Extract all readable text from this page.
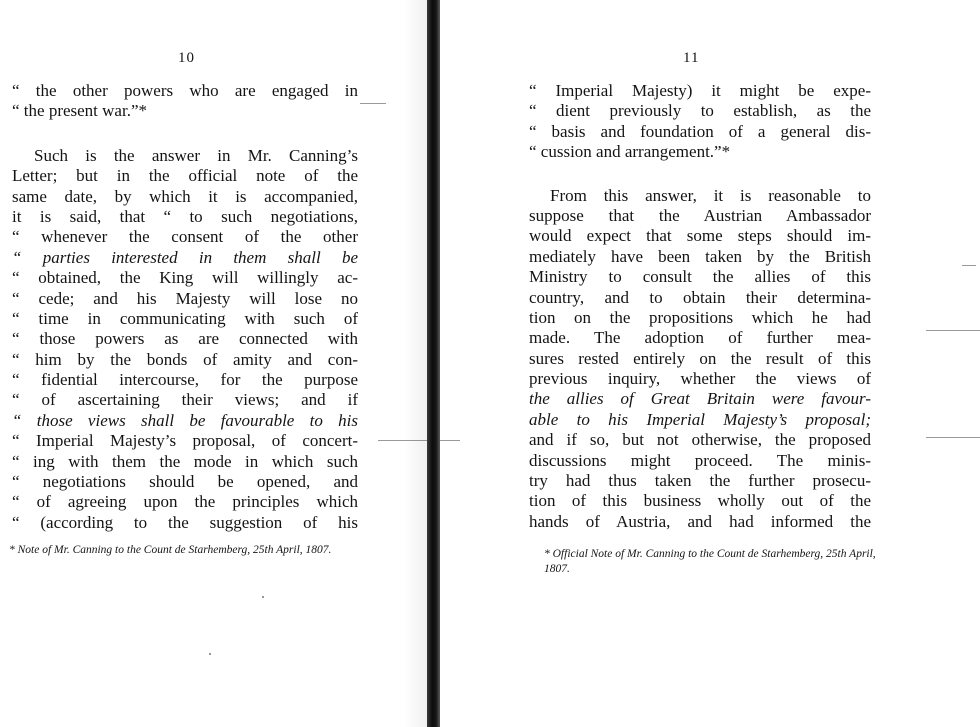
10
“ the other powers who are engaged in
“ the present war.”*
Such is the answer in Mr. Canning’s
Letter; but in the official note of the
same date, by which it is accompanied,
it is said, that “ to such negotiations,
“ whenever the consent of the other
“ parties interested in them shall be
“ obtained, the King will willingly ac-
“ cede; and his Majesty will lose no
“ time in communicating with such of
“ those powers as are connected with
“ him by the bonds of amity and con-
“ fidential intercourse, for the purpose
“ of ascertaining their views; and if
“ those views shall be favourable to his
“ Imperial Majesty’s proposal, of concert-
“ ing with them the mode in which such
“ negotiations should be opened, and
“ of agreeing upon the principles which
“ (according to the suggestion of his
* Note of Mr. Canning to the Count de Starhemberg, 25th April, 1807.
11
“ Imperial Majesty) it might be expe-
“ dient previously to establish, as the
“ basis and foundation of a general dis-
“ cussion and arrangement.”*
From this answer, it is reasonable to
suppose that the Austrian Ambassador
would expect that some steps should im-
mediately have been taken by the British
Ministry to consult the allies of this
country, and to obtain their determina-
tion on the propositions which he had
made. The adoption of further mea-
sures rested entirely on the result of this
previous inquiry, whether the views of
the allies of Great Britain were favour-
able to his Imperial Majesty’s proposal;
and if so, but not otherwise, the proposed
discussions might proceed. The minis-
try had thus taken the further prosecu-
tion of this business wholly out of the
hands of Austria, and had informed the
* Official Note of Mr. Canning to the Count de Starhemberg, 25th April, 1807.
